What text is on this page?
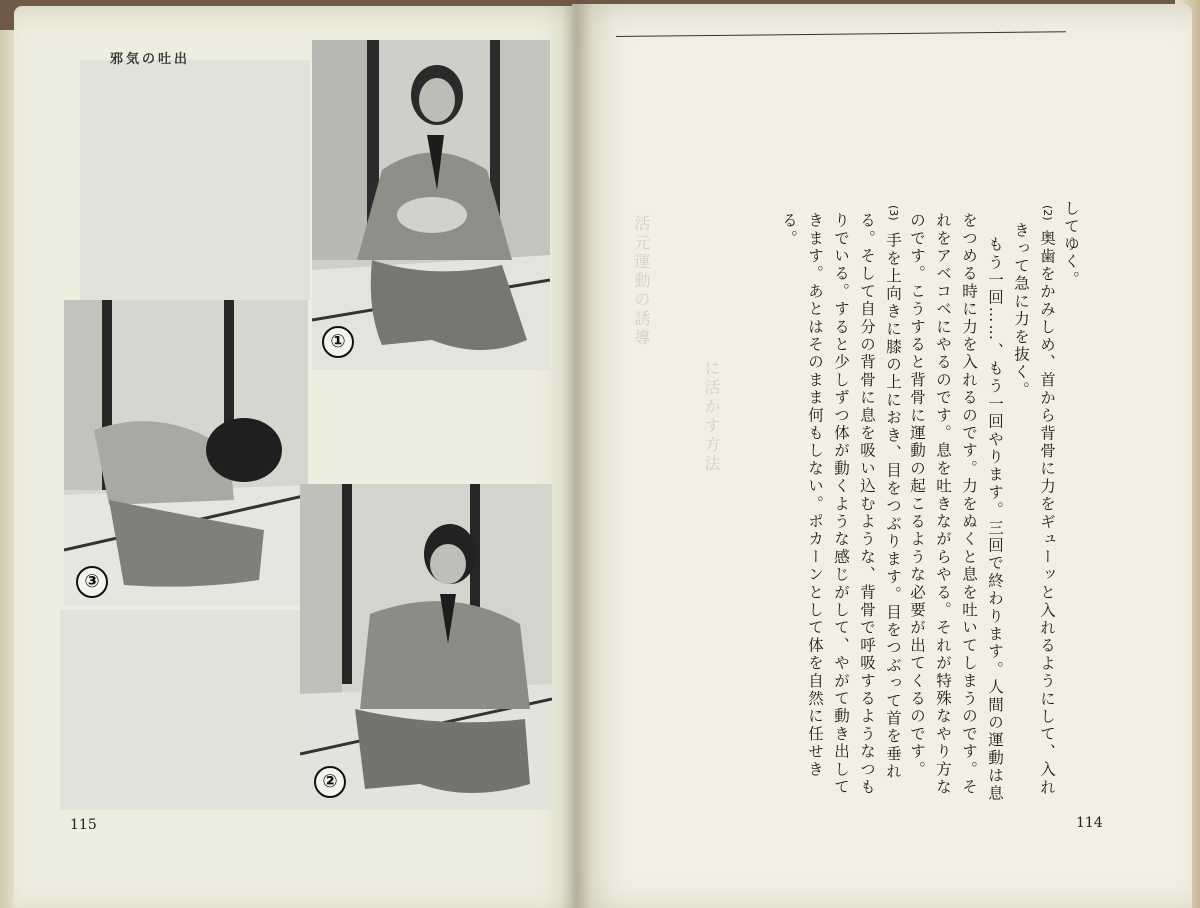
邪気の吐出
①
③
②
115
活元運動の誘導
に活かす方法
してゆく。
(2)
奥歯をかみしめ、首から背骨に力をギューッと入れるようにして、入れ
きって急に力を抜く。
もう一回……、もう一回やります。三回で終わります。人間の運動は息
をつめる時に力を入れるのです。力をぬくと息を吐いてしまうのです。そ
れをアベコベにやるのです。息を吐きながらやる。それが特殊なやり方な
のです。こうすると背骨に運動の起こるような必要が出てくるのです。
(3)
手を上向きに膝の上におき、目をつぶります。目をつぶって首を垂れ
る。そして自分の背骨に息を吸い込むような、背骨で呼吸するようなつも
りでいる。すると少しずつ体が動くような感じがして、やがて動き出して
きます。あとはそのまま何もしない。ポカーンとして体を自然に任せき
る。
114
